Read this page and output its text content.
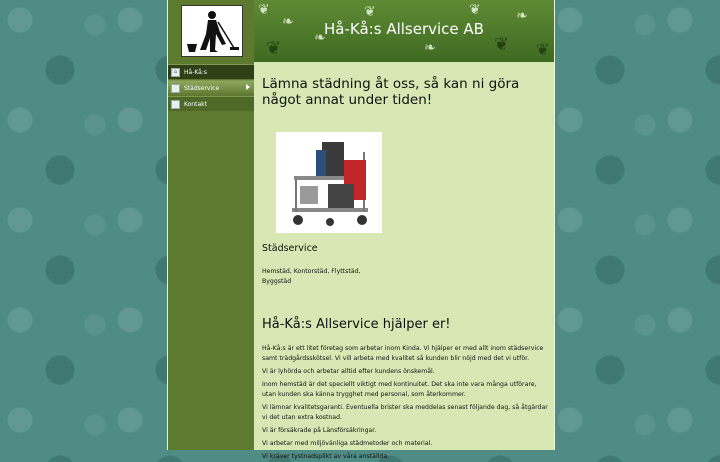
⌂	Hå-Kå:s
Städservice
Kontakt
❦
❧
❦ ❧
❦
❧
❦
❦
❧
❦
Hå-Kå:s Allservice AB
Lämna städning åt oss, så kan ni göra något annat under tiden!
Städservice

Hemstäd, Kontorstäd, Flyttstäd,
Byggstäd

Hå-Kå:s Allservice hjälper er!

Hå-Kå:s är ett litet företag som arbetar inom Kinda. Vi hjälper er med allt inom städservice samt trädgårdsskötsel. Vi vill arbeta med kvalitet så kunden blir nöjd med det vi utför.

Vi är lyhörda och arbetar alltid efter kundens önskemål.

Inom hemstäd är det speciellt viktigt med kontinuitet. Det ska inte vara många utförare, utan kunden ska känna trygghet med personal, som återkommer.

Vi lämnar kvalitetsgaranti. Eventuella brister ska meddelas senast följande dag, så åtgärdar vi det utan extra kostnad.

Vi är försäkrade på Länsförsäkringar.

Vi arbetar med miljövänliga städmetoder och material.

Vi kräver tystnadsplikt av våra anställda.
